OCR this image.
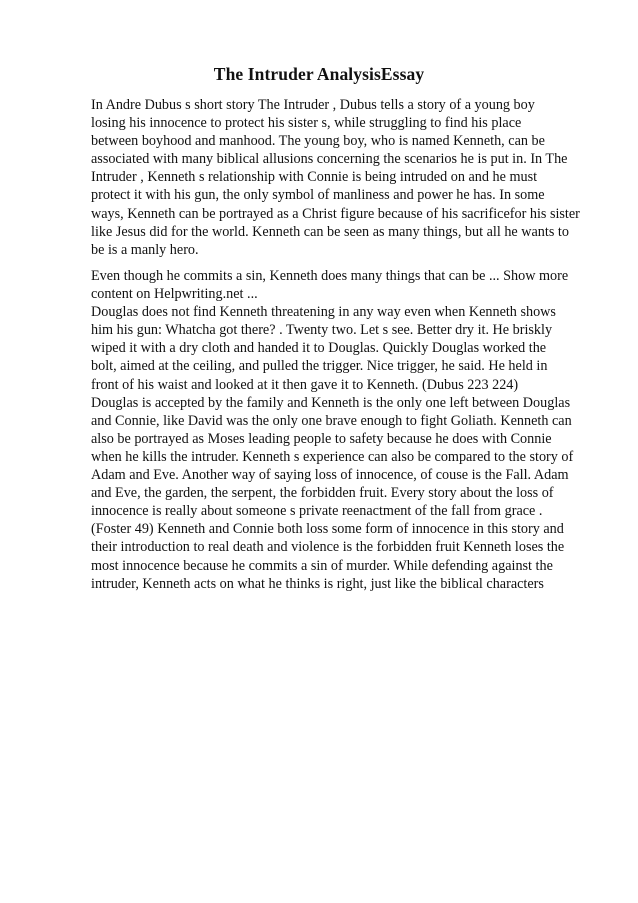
The Intruder AnalysisEssay

In Andre Dubus s short story The Intruder , Dubus tells a story of a young boy
losing his innocence to protect his sister s, while struggling to find his place
between boyhood and manhood. The young boy, who is named Kenneth, can be
associated with many biblical allusions concerning the scenarios he is put in. In The
Intruder , Kenneth s relationship with Connie is being intruded on and he must
protect it with his gun, the only symbol of manliness and power he has. In some
ways, Kenneth can be portrayed as a Christ figure because of his sacrificefor his sister
like Jesus did for the world. Kenneth can be seen as many things, but all he wants to
be is a manly hero.

Even though he commits a sin, Kenneth does many things that can be ... Show more
content on Helpwriting.net ...
Douglas does not find Kenneth threatening in any way even when Kenneth shows
him his gun: Whatcha got there? . Twenty two. Let s see. Better dry it. He briskly
wiped it with a dry cloth and handed it to Douglas. Quickly Douglas worked the
bolt, aimed at the ceiling, and pulled the trigger. Nice trigger, he said. He held in
front of his waist and looked at it then gave it to Kenneth. (Dubus 223 224)
Douglas is accepted by the family and Kenneth is the only one left between Douglas
and Connie, like David was the only one brave enough to fight Goliath. Kenneth can
also be portrayed as Moses leading people to safety because he does with Connie
when he kills the intruder. Kenneth s experience can also be compared to the story of
Adam and Eve. Another way of saying loss of innocence, of couse is the Fall. Adam
and Eve, the garden, the serpent, the forbidden fruit. Every story about the loss of
innocence is really about someone s private reenactment of the fall from grace .
(Foster 49) Kenneth and Connie both loss some form of innocence in this story and
their introduction to real death and violence is the forbidden fruit Kenneth loses the
most innocence because he commits a sin of murder. While defending against the
intruder, Kenneth acts on what he thinks is right, just like the biblical characters
